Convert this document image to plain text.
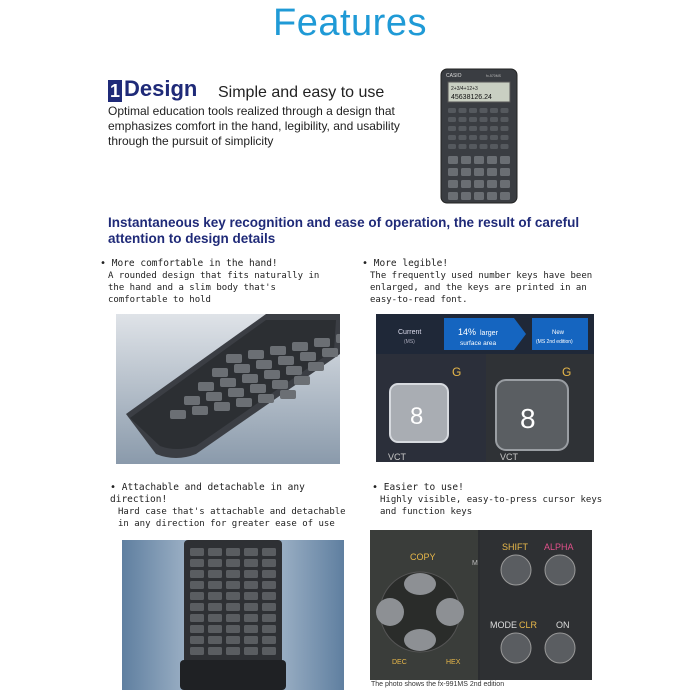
Features
1 Design Simple and easy to use
Optimal education tools realized through a design that emphasizes comfort in the hand, legibility, and usability through the pursuit of simplicity
CASIO	fx-570MS
2+3/4+12+3
45638126.24
Instantaneous key recognition and ease of operation, the result of careful attention to design details
• More comfortable in the hand!
A rounded design that fits naturally in the hand and a slim body that's comfortable to hold
• More legible!
The frequently used number keys have been enlarged, and the keys are printed in an easy-to-read font.
Current
(MS)
14% larger
surface area
New
(MS 2nd edition)
G	G
8	8
VCT	VCT
• Attachable and detachable in any direction!
Hard case that's attachable and detachable in any direction for greater ease of use
• Easier to use!
Highly visible, easy-to-press cursor keys and function keys
COPY
M
DEC	HEX
SHIFT ALPHA
MODE CLR ON
The photo shows the fx-991MS 2nd edition
